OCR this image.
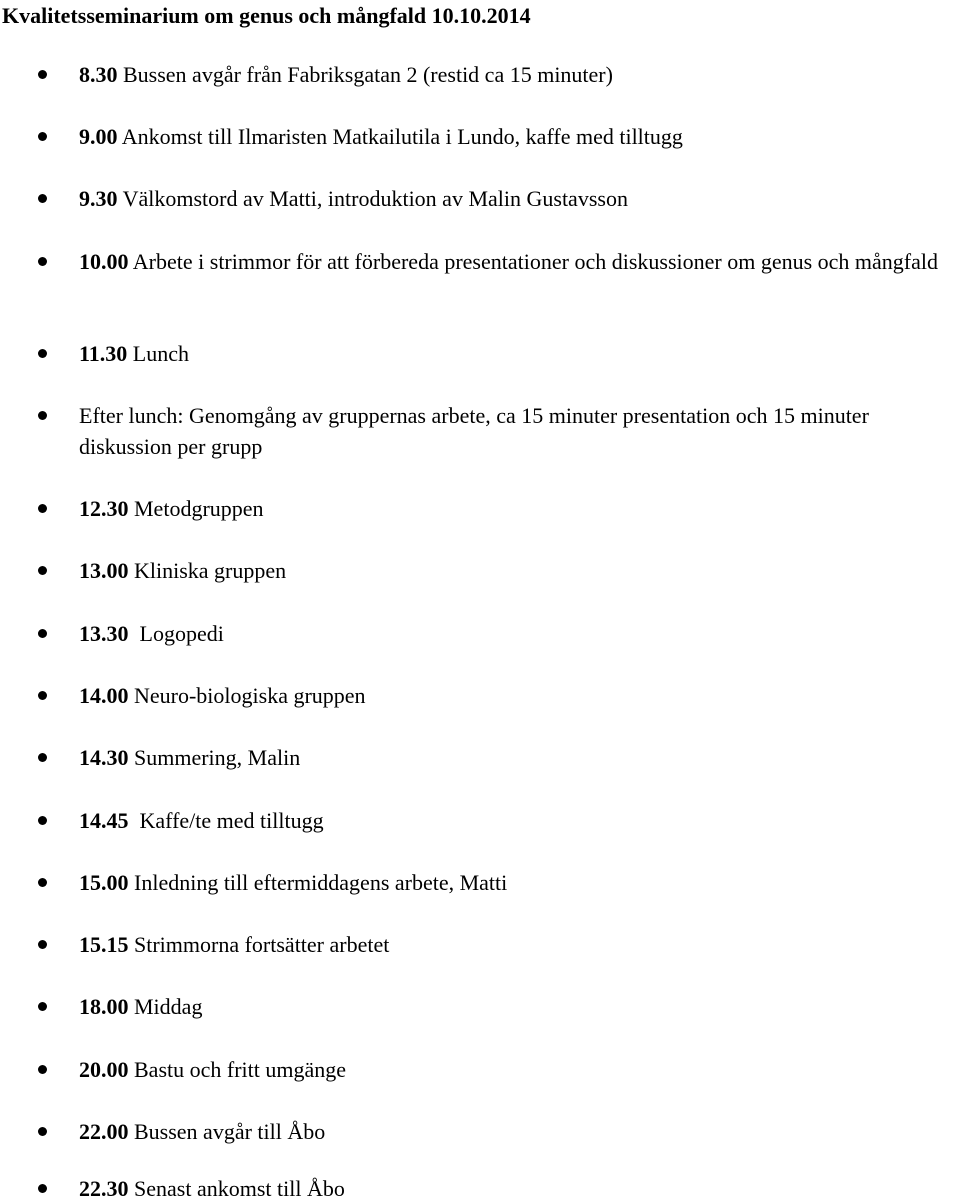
Kvalitetsseminarium om genus och mångfald 10.10.2014
8.30 Bussen avgår från Fabriksgatan 2 (restid ca 15 minuter)
9.00 Ankomst till Ilmaristen Matkailutila i Lundo, kaffe med tilltugg
9.30 Välkomstord av Matti, introduktion av Malin Gustavsson
10.00 Arbete i strimmor för att förbereda presentationer och diskussioner om genus och mångfald
11.30 Lunch
Efter lunch: Genomgång av gruppernas arbete, ca 15 minuter presentation och 15 minuter diskussion per grupp
12.30 Metodgruppen
13.00 Kliniska gruppen
13.30  Logopedi
14.00 Neuro-biologiska gruppen
14.30 Summering, Malin
14.45  Kaffe/te med tilltugg
15.00 Inledning till eftermiddagens arbete, Matti
15.15 Strimmorna fortsätter arbetet
18.00 Middag
20.00 Bastu och fritt umgänge
22.00 Bussen avgår till Åbo
22.30 Senast ankomst till Åbo
